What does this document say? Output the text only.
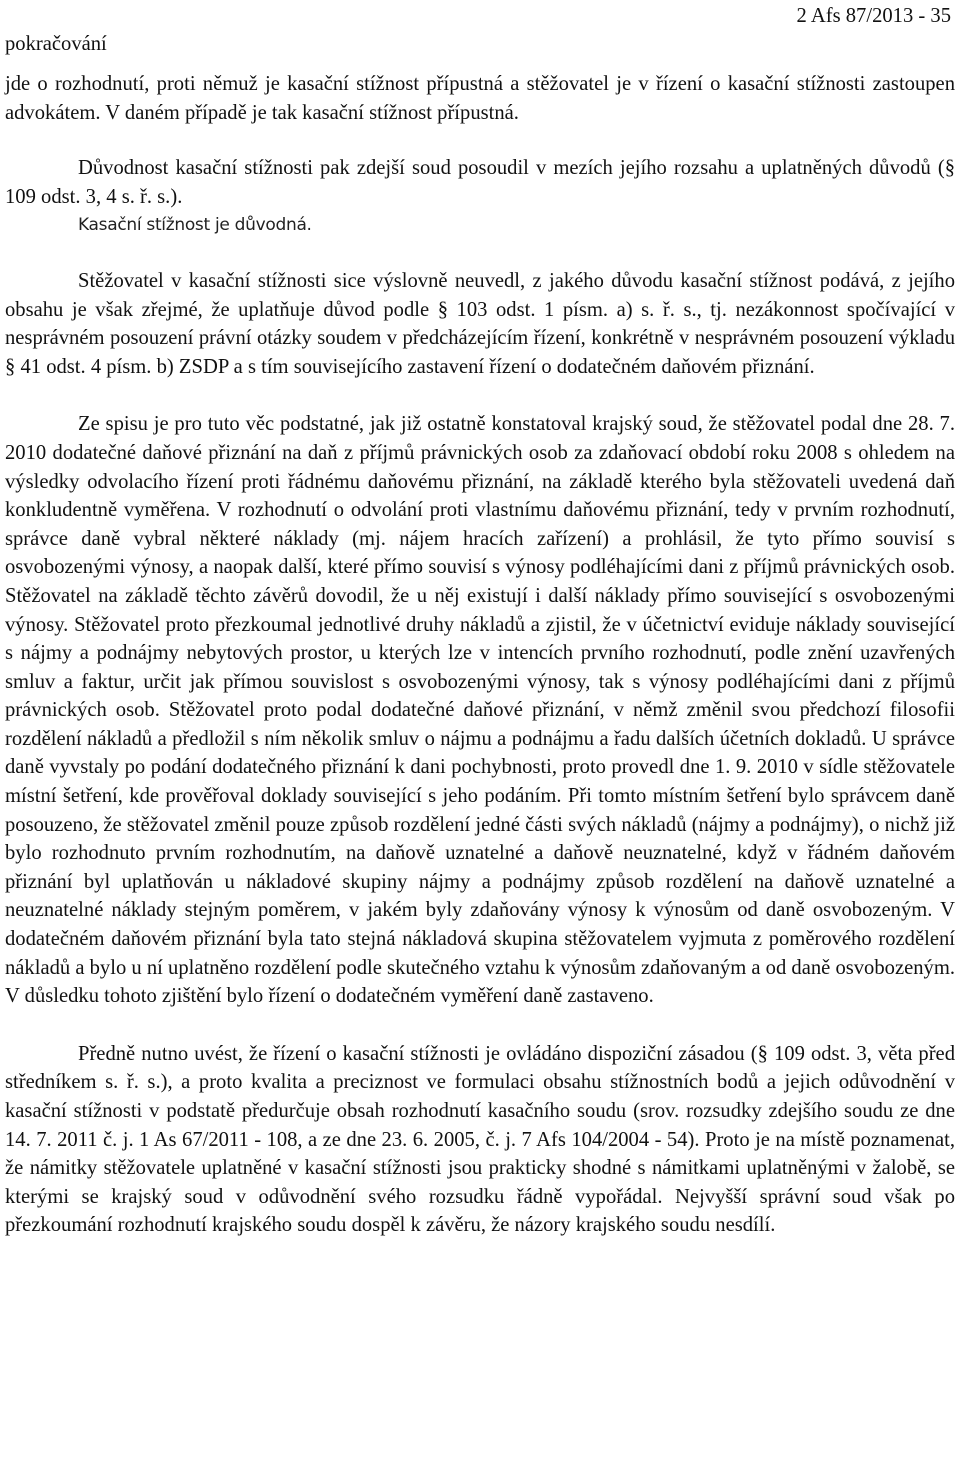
pokračování
2 Afs 87/2013 - 35

jde o rozhodnutí, proti němuž je kasační stížnost přípustná a stěžovatel je v řízení o kasační stížnosti zastoupen advokátem. V daném případě je tak kasační stížnost přípustná.

Důvodnost kasační stížnosti pak zdejší soud posoudil v mezích jejího rozsahu a uplatněných důvodů (§ 109 odst. 3, 4 s. ř. s.).

Kasační stížnost je důvodná.

Stěžovatel v kasační stížnosti sice výslovně neuvedl, z jakého důvodu kasační stížnost podává, z jejího obsahu je však zřejmé, že uplatňuje důvod podle § 103 odst. 1 písm. a) s. ř. s., tj. nezákonnost spočívající v nesprávném posouzení právní otázky soudem v předcházejícím řízení, konkrétně v nesprávném posouzení výkladu § 41 odst. 4 písm. b) ZSDP a s tím souvisejícího zastavení řízení o dodatečném daňovém přiznání.

Ze spisu je pro tuto věc podstatné, jak již ostatně konstatoval krajský soud, že stěžovatel podal dne 28. 7. 2010 dodatečné daňové přiznání na daň z příjmů právnických osob za zdaňovací období roku 2008 s ohledem na výsledky odvolacího řízení proti řádnému daňovému přiznání, na základě kterého byla stěžovateli uvedená daň konkludentně vyměřena. V rozhodnutí o odvolání proti vlastnímu daňovému přiznání, tedy v prvním rozhodnutí, správce daně vybral některé náklady (mj. nájem hracích zařízení) a prohlásil, že tyto přímo souvisí s osvobozenými výnosy, a naopak další, které přímo souvisí s výnosy podléhajícími dani z příjmů právnických osob. Stěžovatel na základě těchto závěrů dovodil, že u něj existují i další náklady přímo související s osvobozenými výnosy. Stěžovatel proto přezkoumal jednotlivé druhy nákladů a zjistil, že v účetnictví eviduje náklady související s nájmy a podnájmy nebytových prostor, u kterých lze v intencích prvního rozhodnutí, podle znění uzavřených smluv a faktur, určit jak přímou souvislost s osvobozenými výnosy, tak s výnosy podléhajícími dani z příjmů právnických osob. Stěžovatel proto podal dodatečné daňové přiznání, v němž změnil svou předchozí filosofii rozdělení nákladů a předložil s ním několik smluv o nájmu a podnájmu a řadu dalších účetních dokladů. U správce daně vyvstaly po podání dodatečného přiznání k dani pochybnosti, proto provedl dne 1. 9. 2010 v sídle stěžovatele místní šetření, kde prověřoval doklady související s jeho podáním. Při tomto místním šetření bylo správcem daně posouzeno, že stěžovatel změnil pouze způsob rozdělení jedné části svých nákladů (nájmy a podnájmy), o nichž již bylo rozhodnuto prvním rozhodnutím, na daňově uznatelné a daňově neuznatelné, když v řádném daňovém přiznání byl uplatňován u nákladové skupiny nájmy a podnájmy způsob rozdělení na daňově uznatelné a neuznatelné náklady stejným poměrem, v jakém byly zdaňovány výnosy k výnosům od daně osvobozeným. V dodatečném daňovém přiznání byla tato stejná nákladová skupina stěžovatelem vyjmuta z poměrového rozdělení nákladů a bylo u ní uplatněno rozdělení podle skutečného vztahu k výnosům zdaňovaným a od daně osvobozeným. V důsledku tohoto zjištění bylo řízení o dodatečném vyměření daně zastaveno.

Předně nutno uvést, že řízení o kasační stížnosti je ovládáno dispoziční zásadou (§ 109 odst. 3, věta před středníkem s. ř. s.), a proto kvalita a preciznost ve formulaci obsahu stížnostních bodů a jejich odůvodnění v kasační stížnosti v podstatě předurčuje obsah rozhodnutí kasačního soudu (srov. rozsudky zdejšího soudu ze dne 14. 7. 2011 č. j. 1 As 67/2011 - 108, a ze dne 23. 6. 2005, č. j. 7 Afs 104/2004 - 54). Proto je na místě poznamenat, že námitky stěžovatele uplatněné v kasační stížnosti jsou prakticky shodné s námitkami uplatněnými v žalobě, se kterými se krajský soud v odůvodnění svého rozsudku řádně vypořádal. Nejvyšší správní soud však po přezkoumání rozhodnutí krajského soudu dospěl k závěru, že názory krajského soudu nesdílí.
